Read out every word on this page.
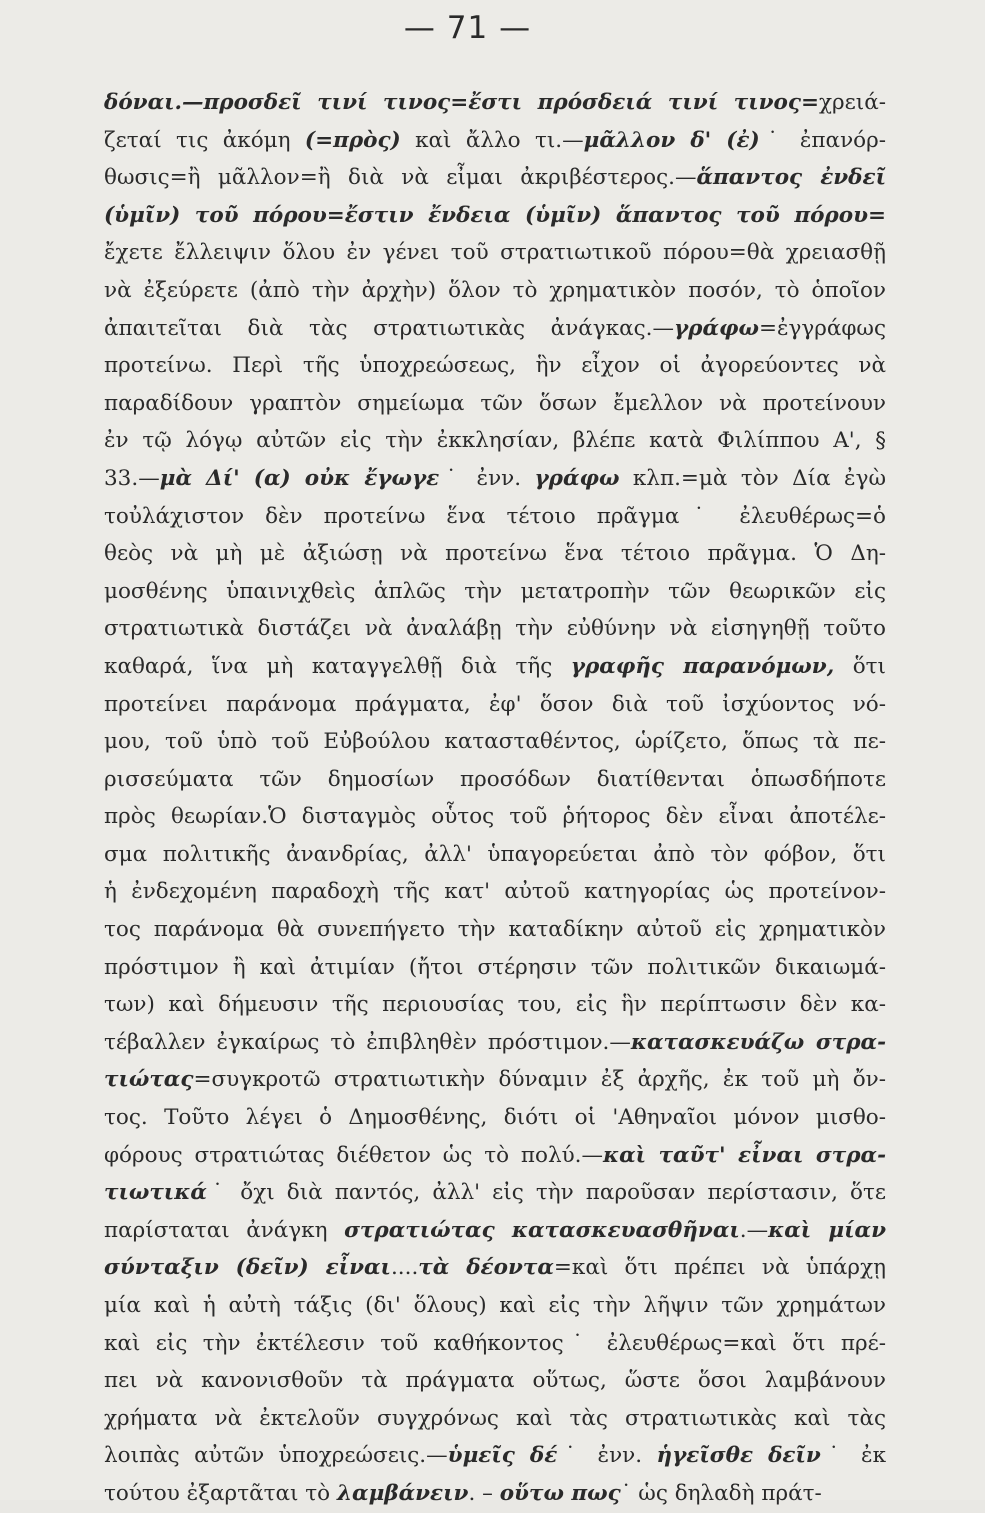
— 71 —
δόναι.—προσδεῖ τινί τινος=ἔστι πρόσδειά τινί τινος=χρειά-
ζεταί τις ἀκόμη (=πρὸς) καὶ ἄλλο τι.—μᾶλλον δ' (ἐ)˙ ἐπανόρ-
θωσις=ἢ μᾶλλον=ἢ διὰ νὰ εἶμαι ἀκριβέστερος.—ἅπαντος ἐνδεῖ
(ὑμῖν) τοῦ πόρου=ἔστιν ἔνδεια (ὑμῖν) ἅπαντος τοῦ πόρου=
ἔχετε ἔλλειψιν ὅλου ἐν γένει τοῦ στρατιωτικοῦ πόρου=θὰ χρειασθῇ
νὰ ἐξεύρετε (ἀπὸ τὴν ἀρχὴν) ὅλον τὸ χρηματικὸν ποσόν, τὸ ὁποῖον
ἀπαιτεῖται διὰ τὰς στρατιωτικὰς ἀνάγκας.—γράφω=ἐγγράφως
προτείνω. Περὶ τῆς ὑποχρεώσεως, ἣν εἶχον οἱ ἀγορεύοντες νὰ
παραδίδουν γραπτὸν σημείωμα τῶν ὅσων ἔμελλον νὰ προτείνουν
ἐν τῷ λόγῳ αὐτῶν εἰς τὴν ἐκκλησίαν, βλέπε κατὰ Φιλίππου Α', §
33.—μὰ Δί' (α) οὐκ ἔγωγε˙ ἐνν. γράφω κλπ.=μὰ τὸν Δία ἐγὼ
τοὐλάχιστον δὲν προτείνω ἕνα τέτοιο πρᾶγμα˙ ἐλευθέρως=ὁ
θεὸς νὰ μὴ μὲ ἀξιώσῃ νὰ προτείνω ἕνα τέτοιο πρᾶγμα. Ὁ Δη-
μοσθένης ὑπαινιχθεὶς ἁπλῶς τὴν μετατροπὴν τῶν θεωρικῶν εἰς
στρατιωτικὰ διστάζει νὰ ἀναλάβῃ τὴν εὐθύνην νὰ εἰσηγηθῇ τοῦτο
καθαρά, ἵνα μὴ καταγγελθῇ διὰ τῆς γραφῆς παρανόμων, ὅτι
προτείνει παράνομα πράγματα, ἐφ' ὅσον διὰ τοῦ ἰσχύοντος νό-
μου, τοῦ ὑπὸ τοῦ Εὐβούλου κατασταθέντος, ὡρίζετο, ὅπως τὰ πε-
ρισσεύματα τῶν δημοσίων προσόδων διατίθενται ὁπωσδήποτε
πρὸς θεωρίαν.Ὁ δισταγμὸς οὗτος τοῦ ῥήτορος δὲν εἶναι ἀποτέλε-
σμα πολιτικῆς ἀνανδρίας, ἀλλ' ὑπαγορεύεται ἀπὸ τὸν φόβον, ὅτι
ἡ ἐνδεχομένη παραδοχὴ τῆς κατ' αὐτοῦ κατηγορίας ὡς προτείνον-
τος παράνομα θὰ συνεπήγετο τὴν καταδίκην αὐτοῦ εἰς χρηματικὸν
πρόστιμον ἢ καὶ ἀτιμίαν (ἤτοι στέρησιν τῶν πολιτικῶν δικαιωμά-
των) καὶ δήμευσιν τῆς περιουσίας του, εἰς ἣν περίπτωσιν δὲν κα-
τέβαλλεν ἐγκαίρως τὸ ἐπιβληθὲν πρόστιμον.—κατασκευάζω στρα-
τιώτας=συγκροτῶ στρατιωτικὴν δύναμιν ἐξ ἀρχῆς, ἐκ τοῦ μὴ ὄν-
τος. Τοῦτο λέγει ὁ Δημοσθένης, διότι οἱ 'Αθηναῖοι μόνον μισθο-
φόρους στρατιώτας διέθετον ὡς τὸ πολύ.—καὶ ταῦτ' εἶναι στρα-
τιωτικά˙ ὄχι διὰ παντός, ἀλλ' εἰς τὴν παροῦσαν περίστασιν, ὅτε
παρίσταται ἀνάγκη στρατιώτας κατασκευασθῆναι.—καὶ μίαν
σύνταξιν (δεῖν) εἶναι....τὰ δέοντα=καὶ ὅτι πρέπει νὰ ὑπάρχῃ
μία καὶ ἡ αὐτὴ τάξις (δι' ὅλους) καὶ εἰς τὴν λῆψιν τῶν χρημάτων
καὶ εἰς τὴν ἐκτέλεσιν τοῦ καθήκοντος˙ ἐλευθέρως=καὶ ὅτι πρέ-
πει νὰ κανονισθοῦν τὰ πράγματα οὕτως, ὥστε ὅσοι λαμβάνουν
χρήματα νὰ ἐκτελοῦν συγχρόνως καὶ τὰς στρατιωτικὰς καὶ τὰς
λοιπὰς αὐτῶν ὑποχρεώσεις.—ὑμεῖς δέ˙ ἐνν. ἡγεῖσθε δεῖν˙ ἐκ
τούτου ἐξαρτᾶται τὸ λαμβάνειν. – οὕτω πως˙ ὡς δηλαδὴ πράτ-
